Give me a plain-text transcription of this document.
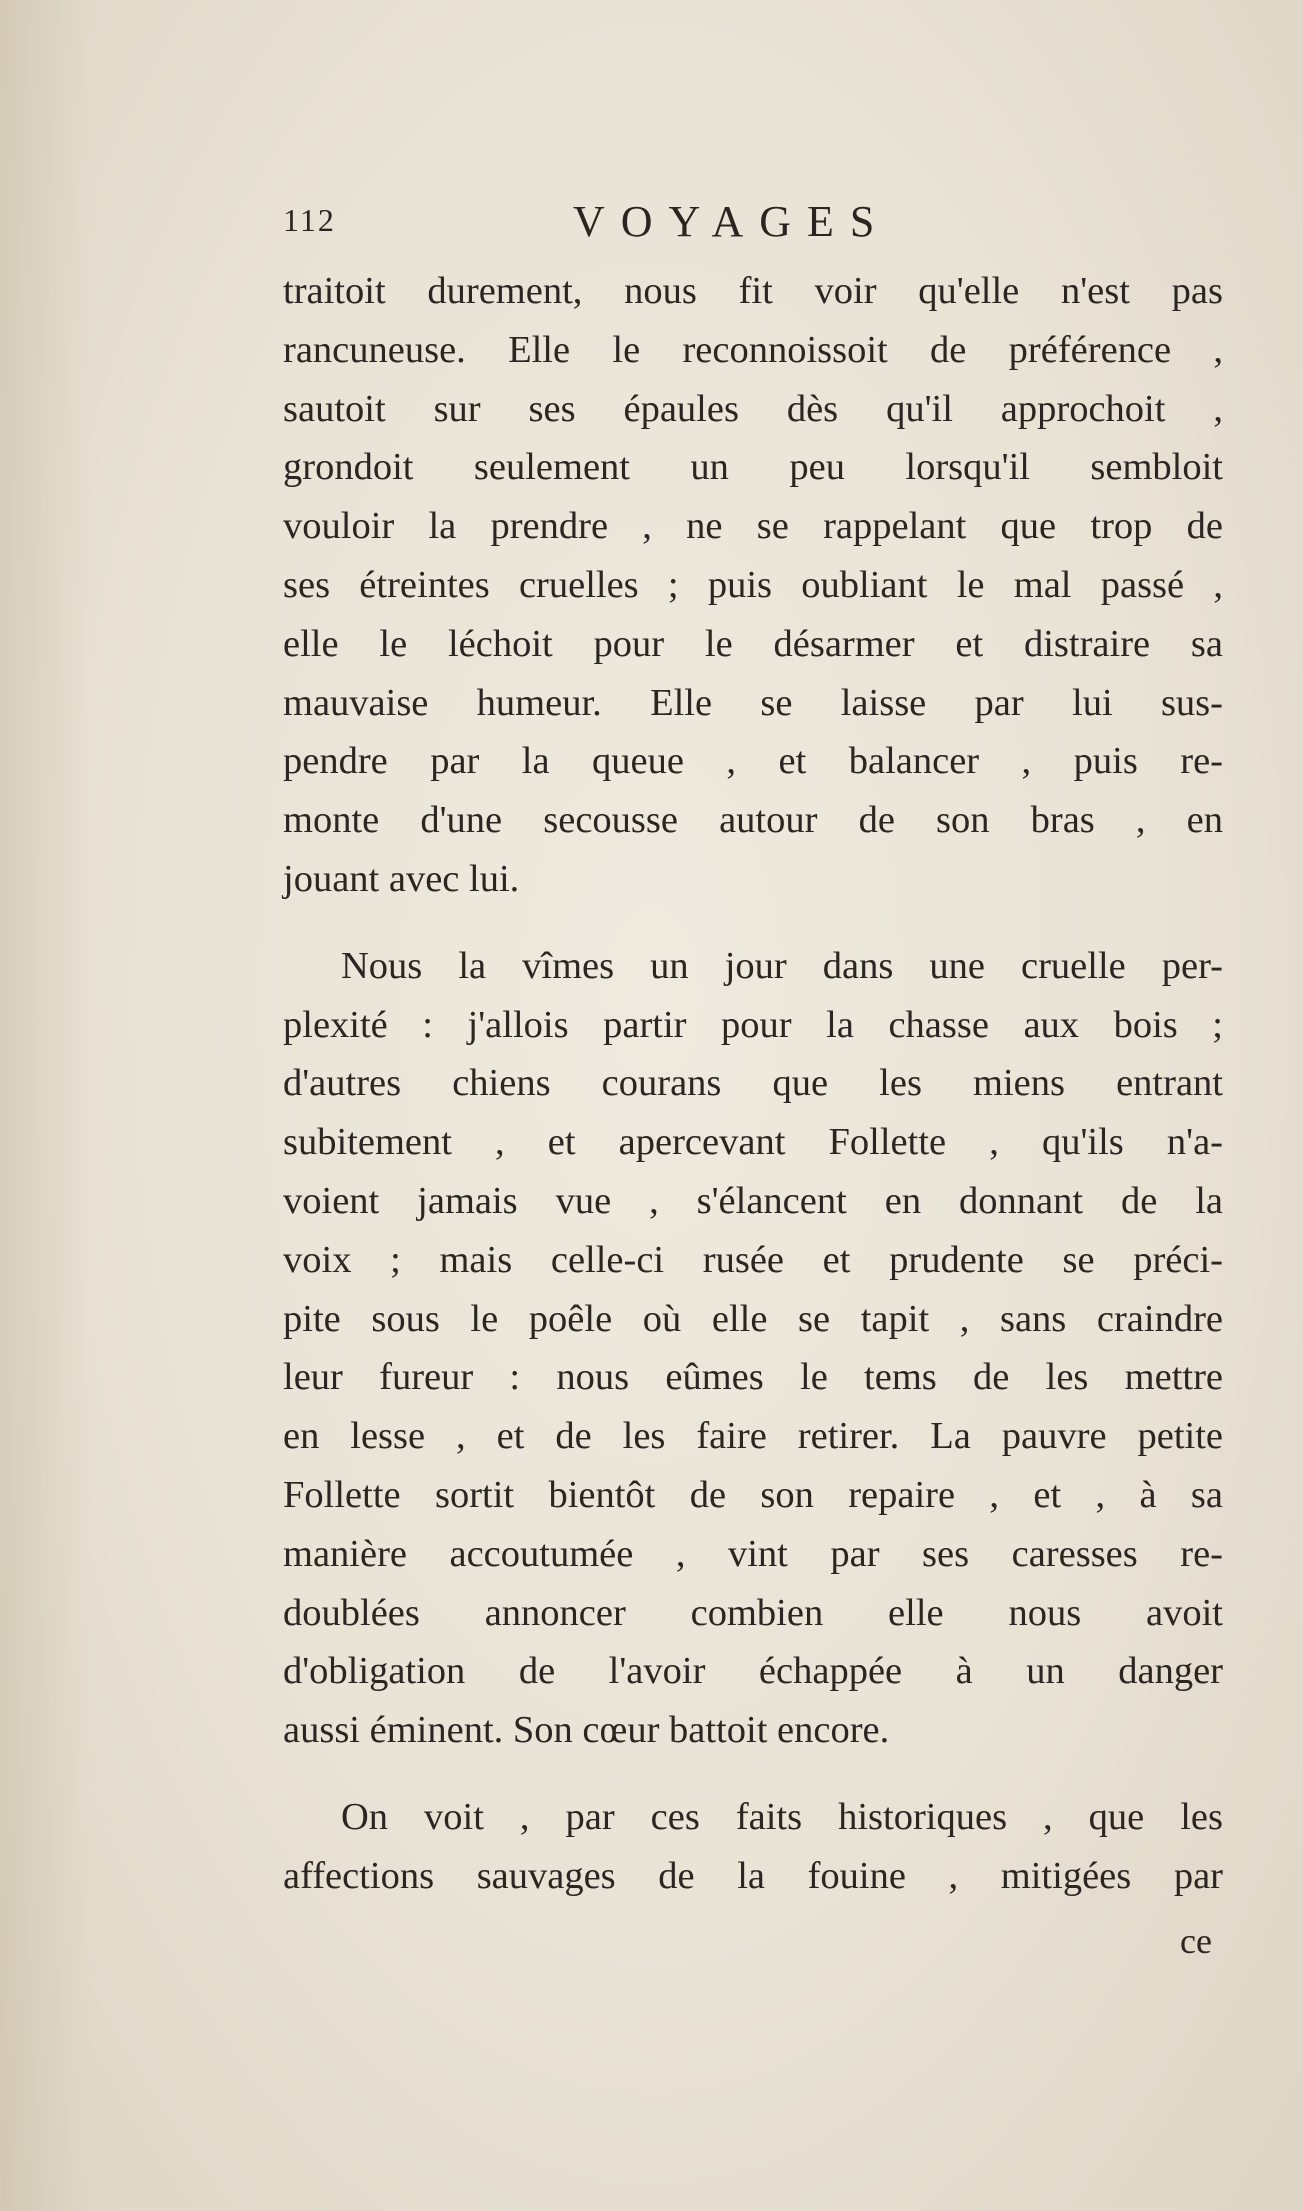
112	VOYAGES

traitoit durement, nous fit voir qu'elle n'est pas
rancuneuse. Elle le reconnoissoit de préférence ,
sautoit sur ses épaules dès qu'il approchoit ,
grondoit seulement un peu lorsqu'il sembloit
vouloir la prendre , ne se rappelant que trop de
ses étreintes cruelles ; puis oubliant le mal passé ,
elle le léchoit pour le désarmer et distraire sa
mauvaise humeur. Elle se laisse par lui sus-
pendre par la queue , et balancer , puis re-
monte d'une secousse autour de son bras , en
jouant avec lui.

Nous la vîmes un jour dans une cruelle per-
plexité : j'allois partir pour la chasse aux bois ;
d'autres chiens courans que les miens entrant
subitement , et apercevant Follette , qu'ils n'a-
voient jamais vue , s'élancent en donnant de la
voix ; mais celle-ci rusée et prudente se préci-
pite sous le poêle où elle se tapit , sans craindre
leur fureur : nous eûmes le tems de les mettre
en lesse , et de les faire retirer. La pauvre petite
Follette sortit bientôt de son repaire , et , à sa
manière accoutumée , vint par ses caresses re-
doublées annoncer combien elle nous avoit
d'obligation de l'avoir échappée à un danger
aussi éminent. Son cœur battoit encore.

On voit , par ces faits historiques , que les
affections sauvages de la fouine , mitigées par

ce
